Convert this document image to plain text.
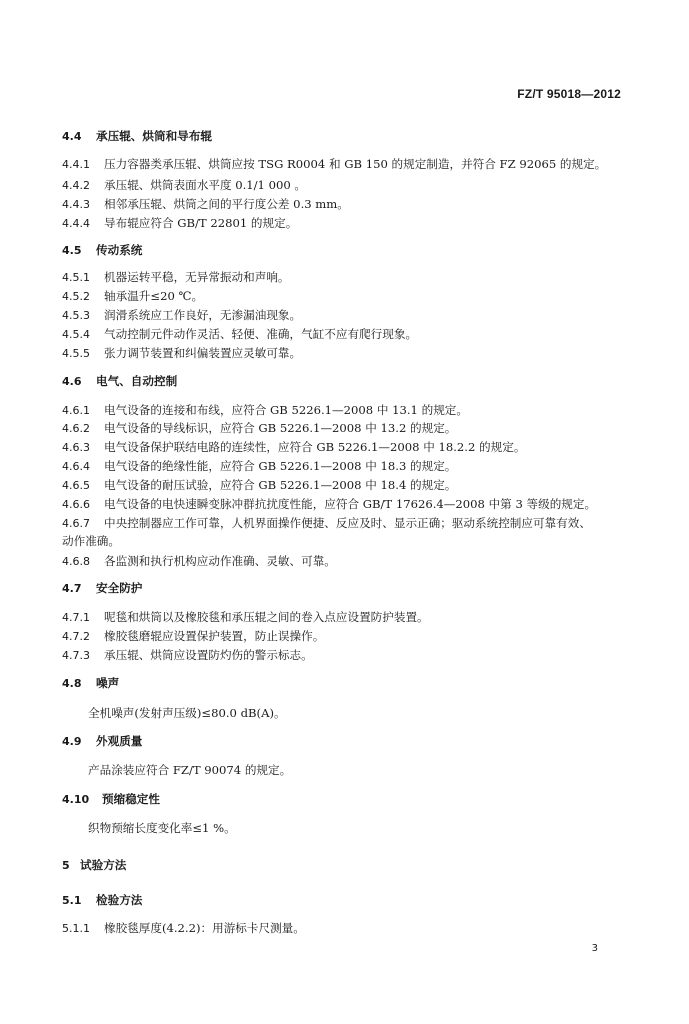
FZ/T 95018—2012
4.4 承压辊、烘筒和导布辊
4.4.1 压力容器类承压辊、烘筒应按 TSG R0004 和 GB 150 的规定制造，并符合 FZ 92065 的规定。
4.4.2 承压辊、烘筒表面水平度 0.1/1 000 。
4.4.3 相邻承压辊、烘筒之间的平行度公差 0.3 mm。
4.4.4 导布辊应符合 GB/T 22801 的规定。
4.5 传动系统
4.5.1 机器运转平稳，无异常振动和声响。
4.5.2 轴承温升≤20 ℃。
4.5.3 润滑系统应工作良好，无渗漏油现象。
4.5.4 气动控制元件动作灵活、轻便、准确，气缸不应有爬行现象。
4.5.5 张力调节装置和纠偏装置应灵敏可靠。
4.6 电气、自动控制
4.6.1 电气设备的连接和布线，应符合 GB 5226.1—2008 中 13.1 的规定。
4.6.2 电气设备的导线标识，应符合 GB 5226.1—2008 中 13.2 的规定。
4.6.3 电气设备保护联结电路的连续性，应符合 GB 5226.1—2008 中 18.2.2 的规定。
4.6.4 电气设备的绝缘性能，应符合 GB 5226.1—2008 中 18.3 的规定。
4.6.5 电气设备的耐压试验，应符合 GB 5226.1—2008 中 18.4 的规定。
4.6.6 电气设备的电快速瞬变脉冲群抗扰度性能，应符合 GB/T 17626.4—2008 中第 3 等级的规定。
4.6.7 中央控制器应工作可靠，人机界面操作便捷、反应及时、显示正确；驱动系统控制应可靠有效、
动作准确。
4.6.8 各监测和执行机构应动作准确、灵敏、可靠。
4.7 安全防护
4.7.1 呢毯和烘筒以及橡胶毯和承压辊之间的卷入点应设置防护装置。
4.7.2 橡胶毯磨辊应设置保护装置，防止误操作。
4.7.3 承压辊、烘筒应设置防灼伤的警示标志。
4.8 噪声
全机噪声(发射声压级)≤80.0 dB(A)。
4.9 外观质量
产品涂装应符合 FZ/T 90074 的规定。
4.10 预缩稳定性
织物预缩长度变化率≤1 %。
5 试验方法
5.1 检验方法
5.1.1 橡胶毯厚度(4.2.2)：用游标卡尺测量。
3
